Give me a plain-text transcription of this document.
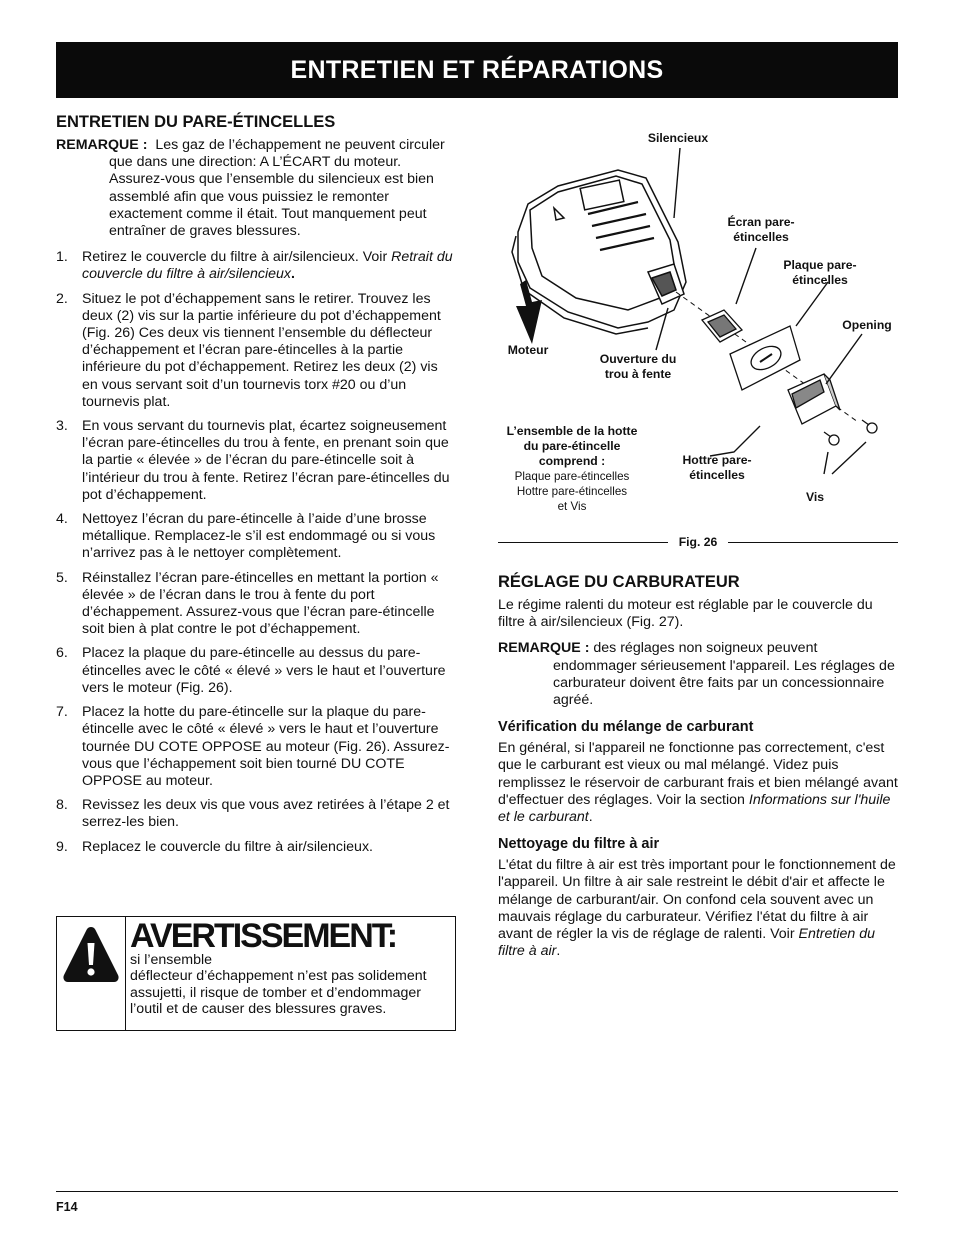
ENTRETIEN ET RÉPARATIONS
ENTRETIEN DU PARE-ÉTINCELLES
REMARQUE : Les gaz de l’échappement ne peuvent circuler que dans une direction: A L’ÉCART du moteur. Assurez-vous que l’ensemble du silencieux est bien assemblé afin que vous puissiez le remonter exactement comme il était. Tout manquement peut entraîner de graves blessures.
1. Retirez le couvercle du filtre à air/silencieux. Voir Retrait du couvercle du filtre à air/silencieux.
2. Situez le pot d’échappement sans le retirer. Trouvez les deux (2) vis sur la partie inférieure du pot d’échappement (Fig. 26) Ces deux vis tiennent l’ensemble du déflecteur d’échappement et l’écran pare-étincelles à la partie inférieure du pot d’échappement. Retirez les deux (2) vis en vous servant soit d’un tournevis torx #20 ou d’un tournevis plat.
3. En vous servant du tournevis plat, écartez soigneusement l’écran pare-étincelles du trou à fente, en prenant soin que la partie « élevée » de l’écran du pare-étincelle soit à l’intérieur du trou à fente. Retirez l’écran pare-étincelles du pot d’échappement.
4. Nettoyez l’écran du pare-étincelle à l’aide d’une brosse métallique. Remplacez-le s’il est endommagé ou si vous n’arrivez pas à le nettoyer complètement.
5. Réinstallez l’écran pare-étincelles en mettant la portion « élevée » de l’écran dans le trou à fente du port d’échappement. Assurez-vous que l’écran pare-étincelle soit bien à plat contre le pot d’échappement.
6. Placez la plaque du pare-étincelle au dessus du pare-étincelles avec le côté « élevé » vers le haut et l’ouverture vers le moteur (Fig. 26).
7. Placez la hotte du pare-étincelle sur la plaque du pare-étincelle avec le côté « élevé » vers le haut et l’ouverture tournée DU COTE OPPOSE au moteur (Fig. 26). Assurez-vous que l’échappement soit bien tourné DU COTE OPPOSE au moteur.
8. Revissez les deux vis que vous avez retirées à l’étape 2 et serrez-les bien.
9. Replacez le couvercle du filtre à air/silencieux.
AVERTISSEMENT:si l’ensemble
déflecteur d’échappement n’est pas solidement assujetti, il risque de tomber et d’endommager l’outil et de causer des blessures graves.
Silencieux
Écran pare-étincelles
Plaque pare-étincelles
Opening
Moteur
Ouverture du trou à fente
L’ensemble de la hotte du pare-étincelle comprend :
Plaque pare-étincelles
Hottre pare-étincelles
et Vis
Hottre pare-étincelles
Vis
Fig. 26
RÉGLAGE DU CARBURATEUR

Le régime ralenti du moteur est réglable par le couvercle du filtre à air/silencieux (Fig. 27).

REMARQUE : des réglages non soigneux peuvent endommager sérieusement l'appareil. Les réglages de carburateur doivent être faits par un concessionnaire agréé.
Vérification du mélange de carburant

En général, si l'appareil ne fonctionne pas correctement, c'est que le carburant est vieux ou mal mélangé. Videz puis remplissez le réservoir de carburant frais et bien mélangé avant d'effectuer des réglages. Voir la section Informations sur l'huile et le carburant.

Nettoyage du filtre à air

L'état du filtre à air est très important pour le fonctionnement de l'appareil. Un filtre à air sale restreint le débit d'air et affecte le mélange de carburant/air. On confond cela souvent avec un mauvais réglage du carburateur. Vérifiez l'état du filtre à air avant de régler la vis de réglage de ralenti. Voir Entretien du filtre à air.

F14
